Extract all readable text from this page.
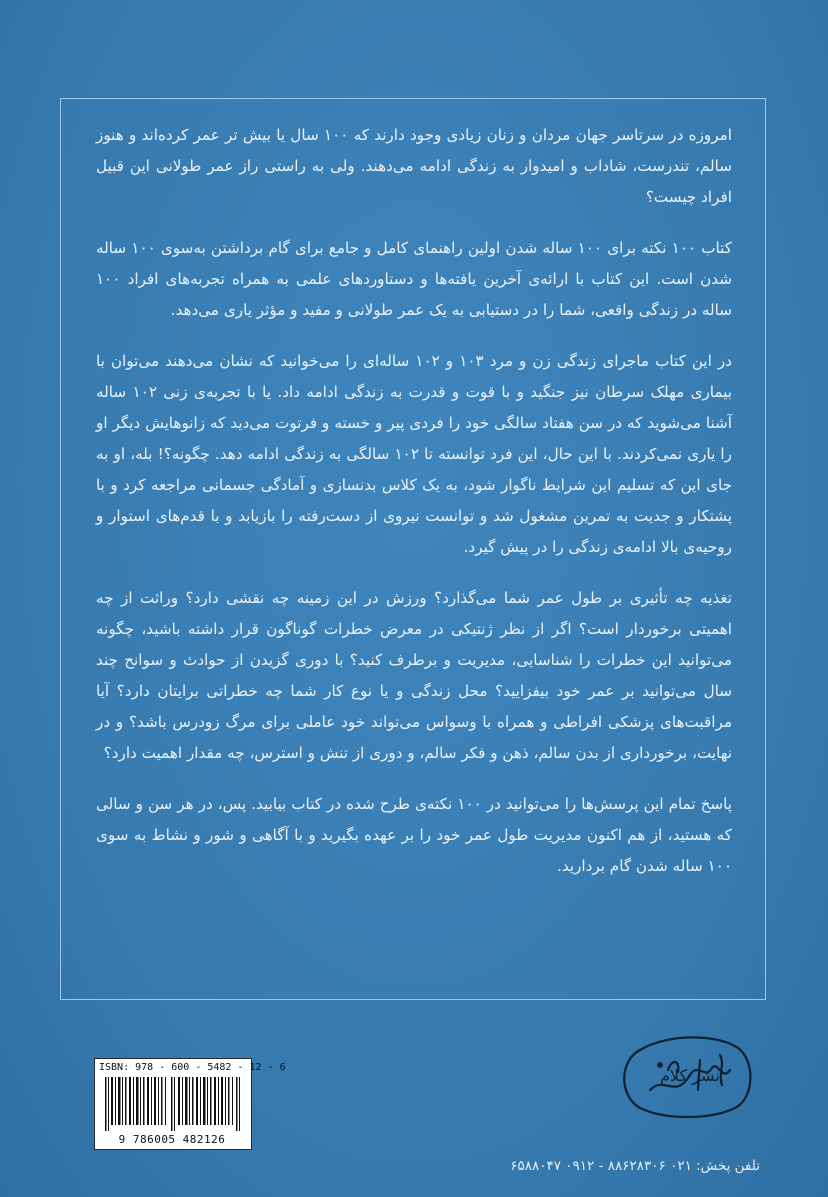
امروزه در سرتاسر جهان مردان و زنان زیادی وجود دارند که ۱۰۰ سال یا بیش تر عمر کرده‌اند و هنوز سالم، تندرست، شاداب و امیدوار به زندگی ادامه می‌دهند. ولی به راستی راز عمر طولانی این قبیل افراد چیست؟

کتاب ۱۰۰ نکته برای ۱۰۰ ساله شدن اولین راهنمای کامل و جامع برای گام برداشتن به‌سوی ۱۰۰ ساله شدن است. این کتاب با ارائه‌ی آخرین یافته‌ها و دستاوردهای علمی به همراه تجربه‌های افراد ۱۰۰ ساله در زندگی واقعی، شما را در دستیابی به یک عمر طولانی و مفید و مؤثر یاری می‌دهد.

در این کتاب ماجرای زندگی زن و مرد ۱۰۳ و ۱۰۲ ساله‌ای را می‌خوانید که نشان می‌دهند می‌توان با بیماری مهلک سرطان نیز جنگید و با قوت و قدرت به زندگی ادامه داد. یا با تجربه‌ی زنی ۱۰۲ ساله آشنا می‌شوید که در سن هفتاد سالگی خود را فردی پیر و خسته و فرتوت می‌دید که زانوهایش دیگر او را یاری نمی‌کردند. با این حال، این فرد توانسته تا ۱۰۲ سالگی به زندگی ادامه دهد. چگونه؟! بله، او به جای این که تسلیم این شرایط ناگوار شود، به یک کلاس بدنسازی و آمادگی جسمانی مراجعه کرد و با پشتکار و جدیت به تمرین مشغول شد و توانست نیروی از دست‌رفته را بازیابد و با قدم‌های استوار و روحیه‌ی بالا ادامه‌ی زندگی را در پیش گیرد.

تغذیه چه تأثیری بر طول عمر شما می‌گذارد؟ ورزش در این زمینه چه نقشی دارد؟ وراثت از چه اهمیتی برخوردار است؟ اگر از نظر ژنتیکی در معرض خطرات گوناگون قرار داشته باشید، چگونه می‌توانید این خطرات را شناسایی، مدیریت و برطرف کنید؟ با دوری گزیدن از حوادث و سوانح چند سال می‌توانید بر عمر خود بیفزایید؟ محل زندگی و یا نوع کار شما چه خطراتی برایتان دارد؟ آیا مراقبت‌های پزشکی افراطی و همراه با وسواس می‌تواند خود عاملی برای مرگ زودرس باشد؟ و در نهایت، برخورداری از بدن سالم، ذهن و فکر سالم، و دوری از تنش و استرس، چه مقدار اهمیت دارد؟

پاسخ تمام این پرسش‌ها را می‌توانید در ۱۰۰ نکته‌ی طرح شده در کتاب بیابید. پس، در هر سن و سالی که هستید، از هم اکنون مدیریت طول عمر خود را بر عهده بگیرید و با آگاهی و شور و نشاط به سوی ۱۰۰ ساله شدن گام بردارید.

ISBN: 978 - 600 - 5482 - 12 - 6
9 786005 482126
نشر کلام
تلفن پخش: ۰۲۱ ۸۸۶۲۸۳۰۶ - ۰۹۱۲ ۶۵۸۸۰۴۷
